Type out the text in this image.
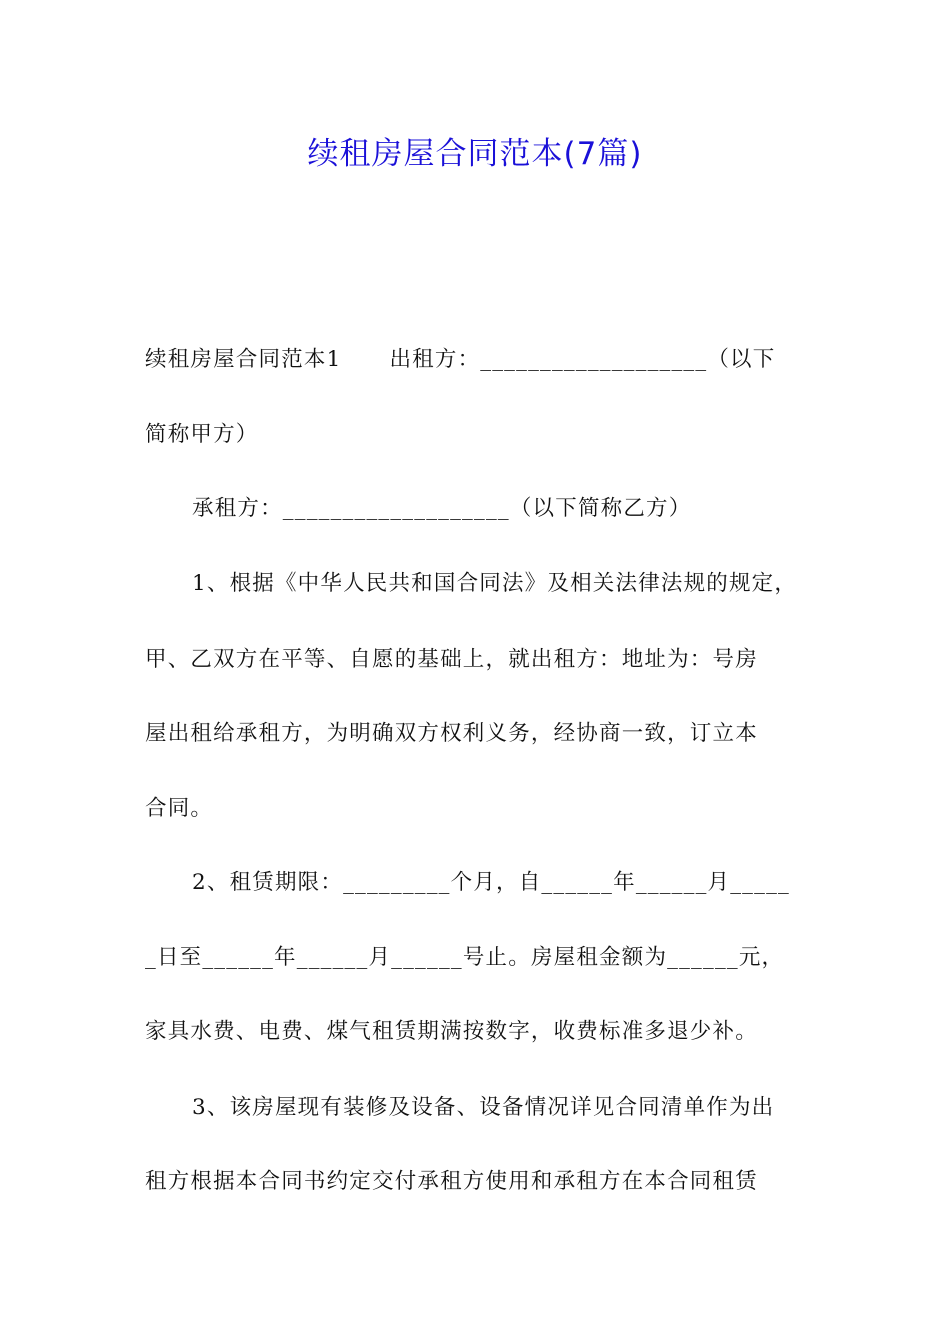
续租房屋合同范本(7篇)
续租房屋合同范本1 出租方：___________________（以下
简称甲方）
承租方：___________________（以下简称乙方）
1、根据《中华人民共和国合同法》及相关法律法规的规定，
甲、乙双方在平等、自愿的基础上，就出租方：地址为：号房
屋出租给承租方，为明确双方权利义务，经协商一致，订立本
合同。
2、租赁期限：_________个月，自______年______月_____
_日至______年______月______号止。房屋租金额为______元，
家具水费、电费、煤气租赁期满按数字，收费标准多退少补。
3、该房屋现有装修及设备、设备情况详见合同清单作为出
租方根据本合同书约定交付承租方使用和承租方在本合同租赁
